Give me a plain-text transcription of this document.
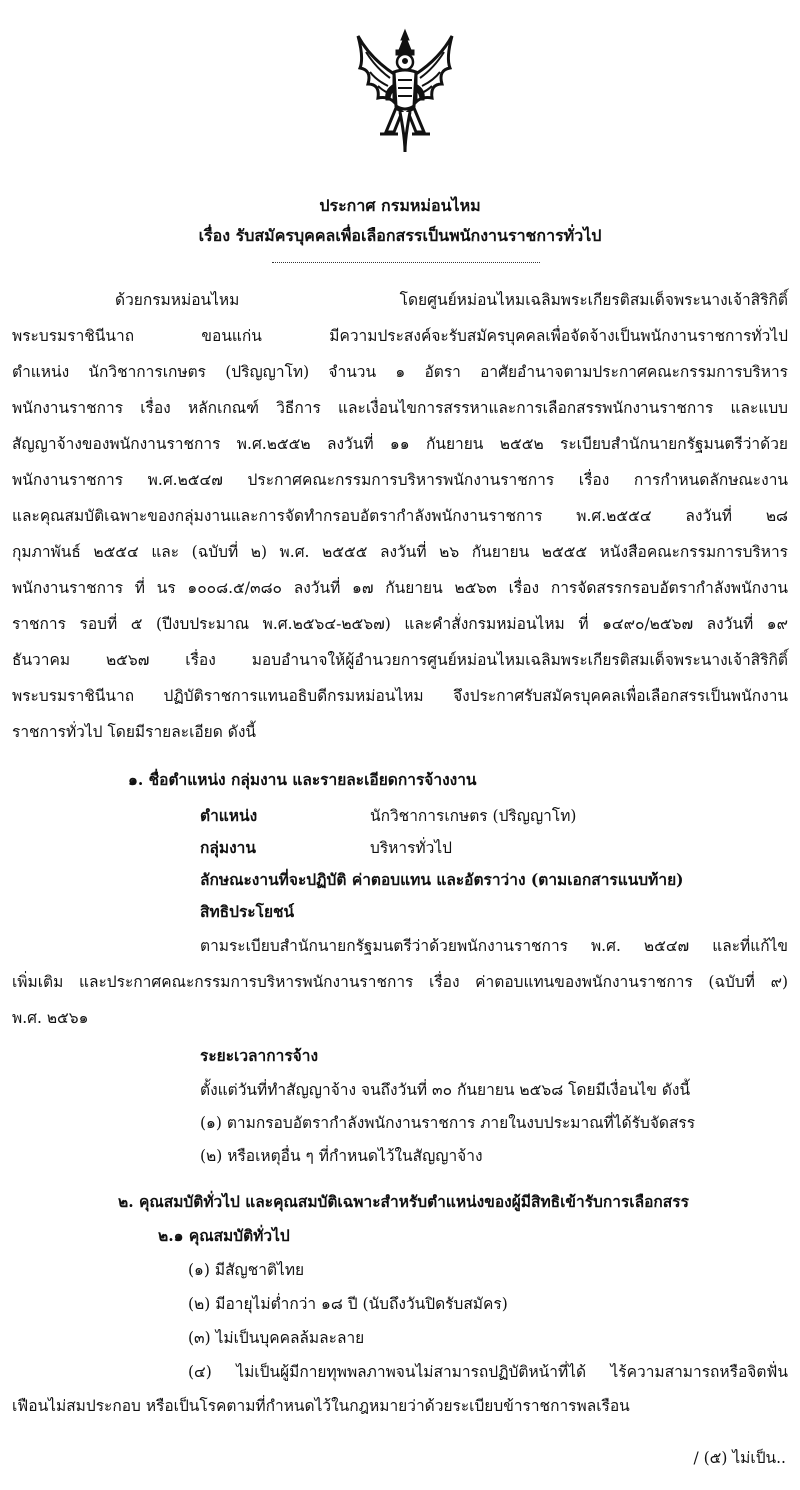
ประกาศ กรมหม่อนไหม
เรื่อง รับสมัครบุคคลเพื่อเลือกสรรเป็นพนักงานราชการทั่วไป
ด้วยกรมหม่อนไหม โดยศูนย์หม่อนไหมเฉลิมพระเกียรติสมเด็จพระนางเจ้าสิริกิติ์
พระบรมราชินีนาถ ขอนแก่น มีความประสงค์จะรับสมัครบุคคลเพื่อจัดจ้างเป็นพนักงานราชการทั่วไป
ตำแหน่ง นักวิชาการเกษตร (ปริญญาโท) จำนวน ๑ อัตรา อาศัยอำนาจตามประกาศคณะกรรมการบริหาร
พนักงานราชการ เรื่อง หลักเกณฑ์ วิธีการ และเงื่อนไขการสรรหาและการเลือกสรรพนักงานราชการ และแบบ
สัญญาจ้างของพนักงานราชการ พ.ศ.๒๕๕๒ ลงวันที่ ๑๑ กันยายน ๒๕๕๒ ระเบียบสำนักนายกรัฐมนตรีว่าด้วย
พนักงานราชการ พ.ศ.๒๕๔๗ ประกาศคณะกรรมการบริหารพนักงานราชการ เรื่อง การกำหนดลักษณะงาน
และคุณสมบัติเฉพาะของกลุ่มงานและการจัดทำกรอบอัตรากำลังพนักงานราชการ พ.ศ.๒๕๕๔ ลงวันที่ ๒๘
กุมภาพันธ์ ๒๕๕๔ และ (ฉบับที่ ๒) พ.ศ. ๒๕๕๕ ลงวันที่ ๒๖ กันยายน ๒๕๕๕ หนังสือคณะกรรมการบริหาร
พนักงานราชการ ที่ นร ๑๐๐๘.๕/๓๘๐ ลงวันที่ ๑๗ กันยายน ๒๕๖๓ เรื่อง การจัดสรรกรอบอัตรากำลังพนักงาน
ราชการ รอบที่ ๕ (ปีงบประมาณ พ.ศ.๒๕๖๔-๒๕๖๗) และคำสั่งกรมหม่อนไหม ที่ ๑๔๙๐/๒๕๖๗ ลงวันที่ ๑๙
ธันวาคม ๒๕๖๗ เรื่อง มอบอำนาจให้ผู้อำนวยการศูนย์หม่อนไหมเฉลิมพระเกียรติสมเด็จพระนางเจ้าสิริกิติ์
พระบรมราชินีนาถ ปฏิบัติราชการแทนอธิบดีกรมหม่อนไหม จึงประกาศรับสมัครบุคคลเพื่อเลือกสรรเป็นพนักงาน
ราชการทั่วไป โดยมีรายละเอียด ดังนี้
๑. ชื่อตำแหน่ง กลุ่มงาน และรายละเอียดการจ้างงาน
ตำแหน่ง	นักวิชาการเกษตร (ปริญญาโท)
กลุ่มงาน	บริหารทั่วไป
ลักษณะงานที่จะปฏิบัติ ค่าตอบแทน และอัตราว่าง (ตามเอกสารแนบท้าย)
สิทธิประโยชน์
ตามระเบียบสำนักนายกรัฐมนตรีว่าด้วยพนักงานราชการ พ.ศ. ๒๕๔๗ และที่แก้ไข
เพิ่มเติม และประกาศคณะกรรมการบริหารพนักงานราชการ เรื่อง ค่าตอบแทนของพนักงานราชการ (ฉบับที่ ๙)
พ.ศ. ๒๕๖๑
ระยะเวลาการจ้าง
ตั้งแต่วันที่ทำสัญญาจ้าง จนถึงวันที่ ๓๐ กันยายน ๒๕๖๘ โดยมีเงื่อนไข ดังนี้
(๑) ตามกรอบอัตรากำลังพนักงานราชการ ภายในงบประมาณที่ได้รับจัดสรร
(๒) หรือเหตุอื่น ๆ ที่กำหนดไว้ในสัญญาจ้าง
๒. คุณสมบัติทั่วไป และคุณสมบัติเฉพาะสำหรับตำแหน่งของผู้มีสิทธิเข้ารับการเลือกสรร
๒.๑ คุณสมบัติทั่วไป
(๑) มีสัญชาติไทย
(๒) มีอายุไม่ต่ำกว่า ๑๘ ปี (นับถึงวันปิดรับสมัคร)
(๓) ไม่เป็นบุคคลล้มละลาย
(๔) ไม่เป็นผู้มีกายทุพพลภาพจนไม่สามารถปฏิบัติหน้าที่ได้ ไร้ความสามารถหรือจิตฟั่น
เฟือนไม่สมประกอบ หรือเป็นโรคตามที่กำหนดไว้ในกฎหมายว่าด้วยระเบียบข้าราชการพลเรือน
/ (๕) ไม่เป็น..
